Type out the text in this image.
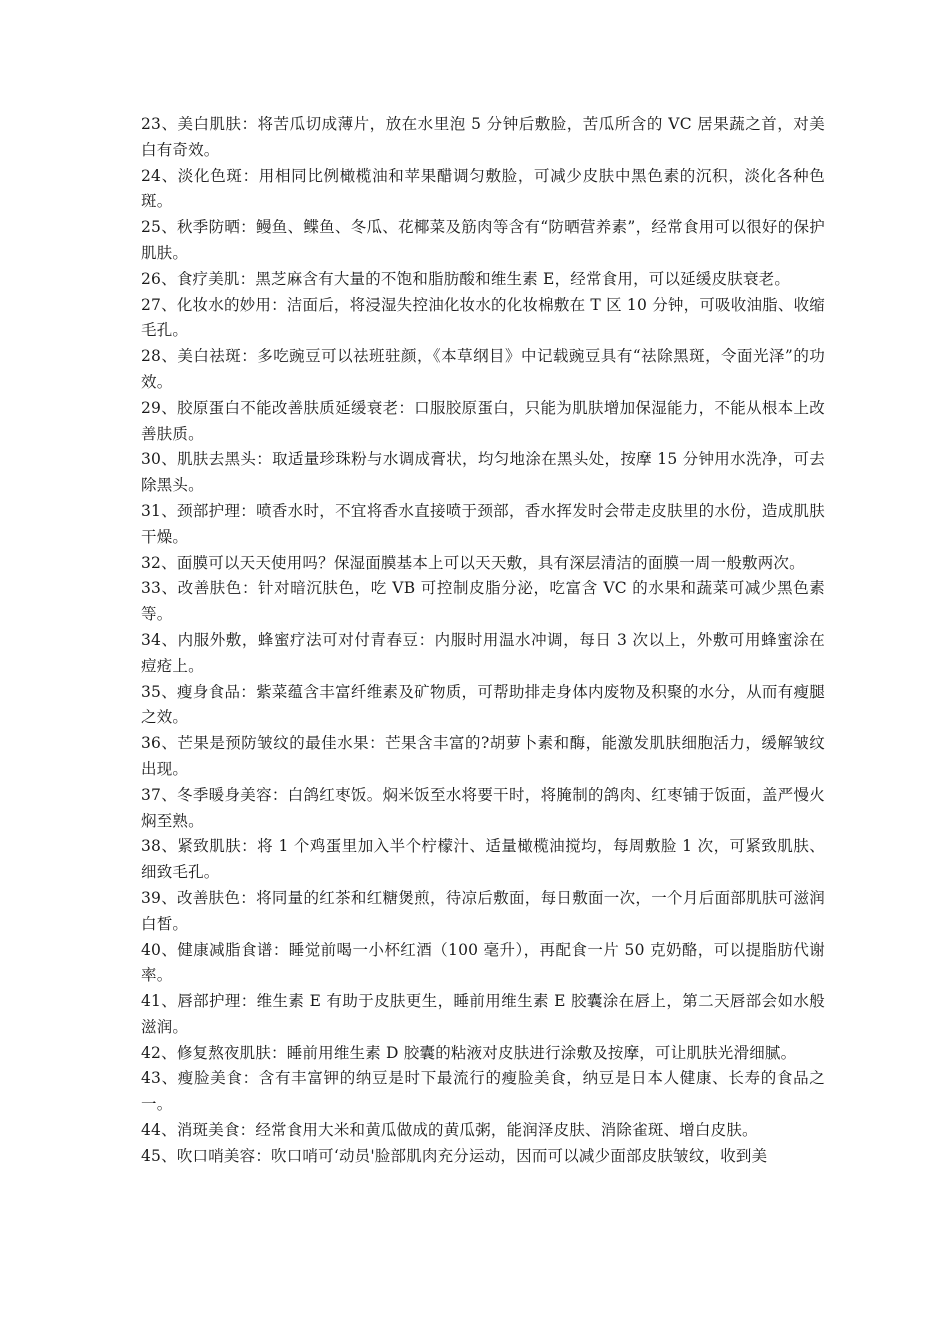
23、美白肌肤：将苦瓜切成薄片，放在水里泡 5 分钟后敷脸，苦瓜所含的 VC 居果蔬之首，对美白有奇效。

24、淡化色斑：用相同比例橄榄油和苹果醋调匀敷脸，可减少皮肤中黑色素的沉积，淡化各种色斑。

25、秋季防晒：鳗鱼、鲽鱼、冬瓜、花椰菜及筋肉等含有“防晒营养素”，经常食用可以很好的保护肌肤。

26、食疗美肌：黑芝麻含有大量的不饱和脂肪酸和维生素 E，经常食用，可以延缓皮肤衰老。

27、化妆水的妙用：洁面后，将浸湿失控油化妆水的化妆棉敷在 T 区 10 分钟，可吸收油脂、收缩毛孔。

28、美白祛斑：多吃豌豆可以祛班驻颜，《本草纲目》中记载豌豆具有“祛除黑斑，令面光泽”的功效。

29、胶原蛋白不能改善肤质延缓衰老：口服胶原蛋白，只能为肌肤增加保湿能力，不能从根本上改善肤质。

30、肌肤去黑头：取适量珍珠粉与水调成膏状，均匀地涂在黑头处，按摩 15 分钟用水洗净，可去除黑头。

31、颈部护理：喷香水时，不宜将香水直接喷于颈部，香水挥发时会带走皮肤里的水份，造成肌肤干燥。

32、面膜可以天天使用吗？保湿面膜基本上可以天天敷，具有深层清洁的面膜一周一般敷两次。

33、改善肤色：针对暗沉肤色，吃 VB 可控制皮脂分泌，吃富含 VC 的水果和蔬菜可减少黑色素等。

34、内服外敷，蜂蜜疗法可对付青春豆：内服时用温水冲调，每日 3 次以上，外敷可用蜂蜜涂在痘疮上。

35、瘦身食品：紫菜蕴含丰富纤维素及矿物质，可帮助排走身体内废物及积聚的水分，从而有瘦腿之效。

36、芒果是预防皱纹的最佳水果：芒果含丰富的?胡萝卜素和酶，能激发肌肤细胞活力，缓解皱纹出现。

37、冬季暖身美容：白鸽红枣饭。焖米饭至水将要干时，将腌制的鸽肉、红枣铺于饭面，盖严慢火焖至熟。

38、紧致肌肤：将 1 个鸡蛋里加入半个柠檬汁、适量橄榄油搅均，每周敷脸 1 次，可紧致肌肤、细致毛孔。

39、改善肤色：将同量的红茶和红糖煲煎，待凉后敷面，每日敷面一次，一个月后面部肌肤可滋润白皙。

40、健康减脂食谱：睡觉前喝一小杯红酒（100 毫升），再配食一片 50 克奶酪，可以提脂肪代谢率。

41、唇部护理：维生素 E 有助于皮肤更生，睡前用维生素 E 胶囊涂在唇上，第二天唇部会如水般滋润。

42、修复熬夜肌肤：睡前用维生素 D 胶囊的粘液对皮肤进行涂敷及按摩，可让肌肤光滑细腻。

43、瘦脸美食：含有丰富钾的纳豆是时下最流行的瘦脸美食，纳豆是日本人健康、长寿的食品之一。

44、消斑美食：经常食用大米和黄瓜做成的黄瓜粥，能润泽皮肤、消除雀斑、增白皮肤。

45、吹口哨美容：吹口哨可‘动员'脸部肌肉充分运动，因而可以减少面部皮肤皱纹，收到美
